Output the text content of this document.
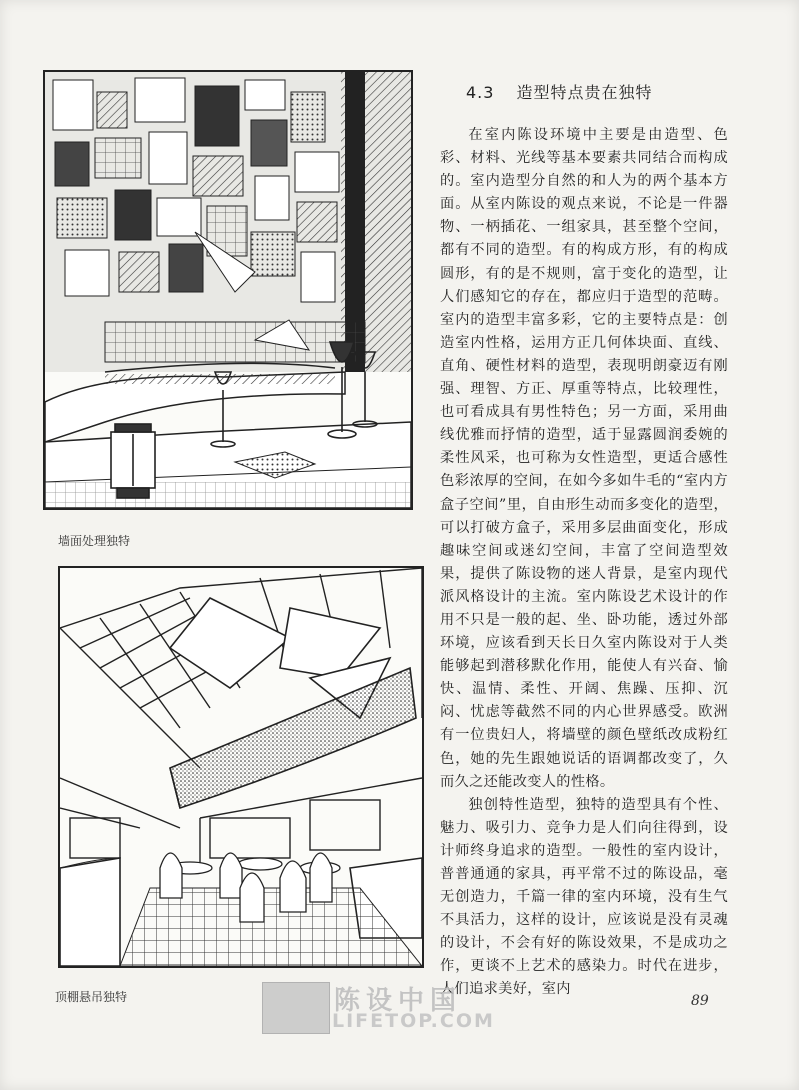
墙面处理独特
顶棚悬吊独特
4.3 造型特点贵在独特

在室内陈设环境中主要是由造型、色彩、材料、光线等基本要素共同结合而构成的。室内造型分自然的和人为的两个基本方面。从室内陈设的观点来说，不论是一件器物、一柄插花、一组家具，甚至整个空间，都有不同的造型。有的构成方形，有的构成圆形，有的是不规则，富于变化的造型，让人们感知它的存在，都应归于造型的范畴。室内的造型丰富多彩，它的主要特点是：创造室内性格，运用方正几何体块面、直线、直角、硬性材料的造型，表现明朗豪迈有刚强、理智、方正、厚重等特点，比较理性，也可看成具有男性特色；另一方面，采用曲线优雅而抒情的造型，适于显露圆润委婉的柔性风采，也可称为女性造型，更适合感性色彩浓厚的空间，在如今多如牛毛的“室内方盒子空间”里，自由形生动而多变化的造型，可以打破方盒子，采用多层曲面变化，形成趣味空间或迷幻空间，丰富了空间造型效果，提供了陈设物的迷人背景，是室内现代派风格设计的主流。室内陈设艺术设计的作用不只是一般的起、坐、卧功能，透过外部环境，应该看到天长日久室内陈设对于人类能够起到潜移默化作用，能使人有兴奋、愉快、温情、柔性、开阔、焦躁、压抑、沉闷、忧虑等截然不同的内心世界感受。欧洲有一位贵妇人，将墙壁的颜色壁纸改成粉红色，她的先生跟她说话的语调都改变了，久而久之还能改变人的性格。

独创特性造型，独特的造型具有个性、魅力、吸引力、竞争力是人们向往得到，设计师终身追求的造型。一般性的室内设计，普普通通的家具，再平常不过的陈设品，毫无创造力，千篇一律的室内环境，没有生气不具活力，这样的设计，应该说是没有灵魂的设计，不会有好的陈设效果，不是成功之作，更谈不上艺术的感染力。时代在进步，人们追求美好，室内

陈设中国
LIFETOP.COM
89
